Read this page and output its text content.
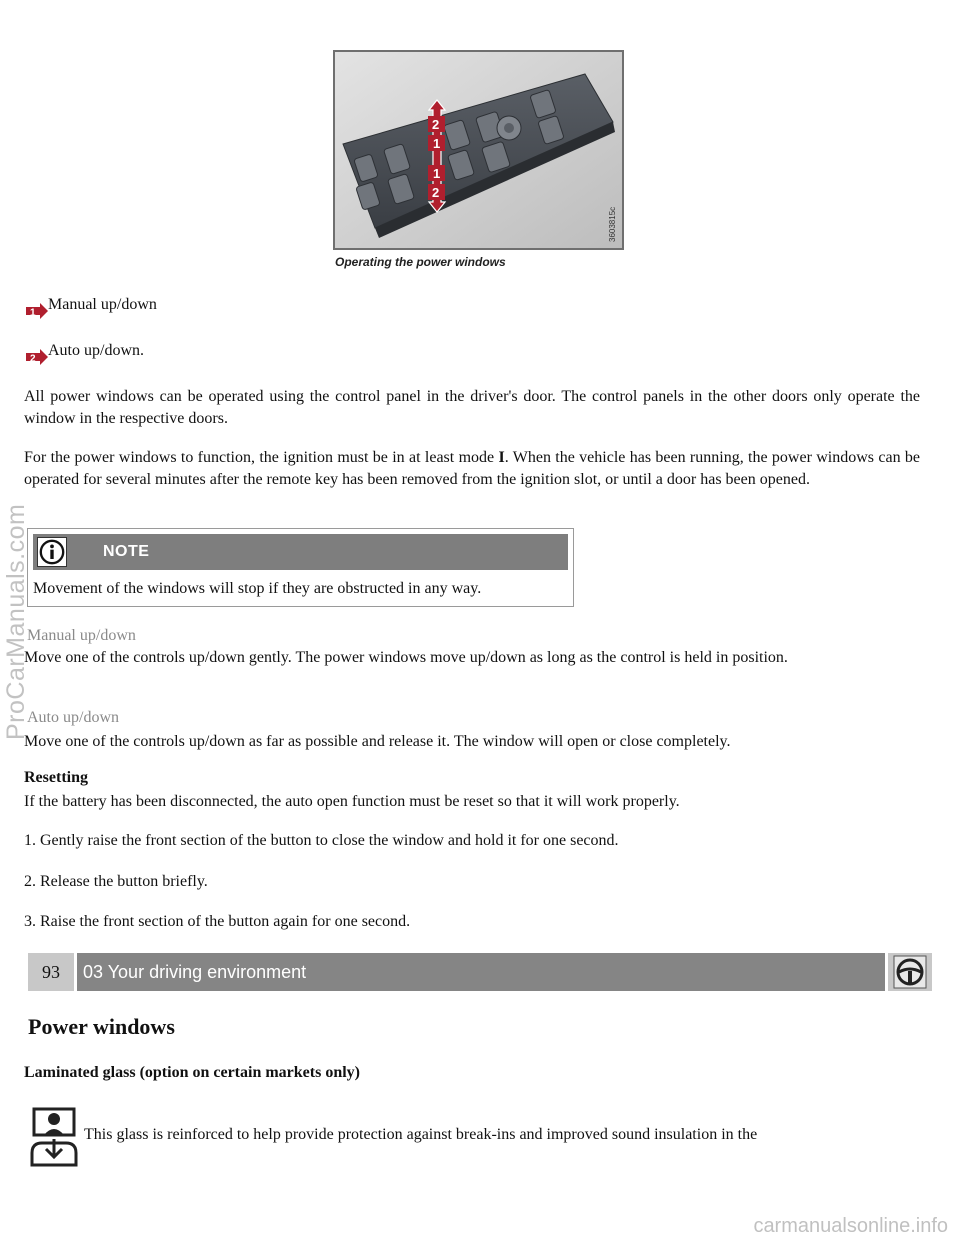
2
1
1
2
3603815c
Operating the power windows
1 Manual up/down
2 Auto up/down.

All power windows can be operated using the control panel in the driver's door. The control panels in the other doors only operate the window in the respective doors.

For the power windows to function, the ignition must be in at least mode I. When the vehicle has been running, the power windows can be operated for several minutes after the remote key has been removed from the ignition slot, or until a door has been opened.

NOTE
Movement of the windows will stop if they are obstructed in any way.
Manual up/down

Move one of the controls up/down gently. The power windows move up/down as long as the control is held in position.

Auto up/down

Move one of the controls up/down as far as possible and release it. The window will open or close completely.

Resetting

If the battery has been disconnected, the auto open function must be reset so that it will work properly.

1. Gently raise the front section of the button to close the window and hold it for one second.

2. Release the button briefly.

3. Raise the front section of the button again for one second.

93	03 Your driving environment
Power windows
Laminated glass (option on certain markets only)

This glass is reinforced to help provide protection against break-ins and improved sound insulation in the

ProCarManuals.com
carmanualsonline.info
